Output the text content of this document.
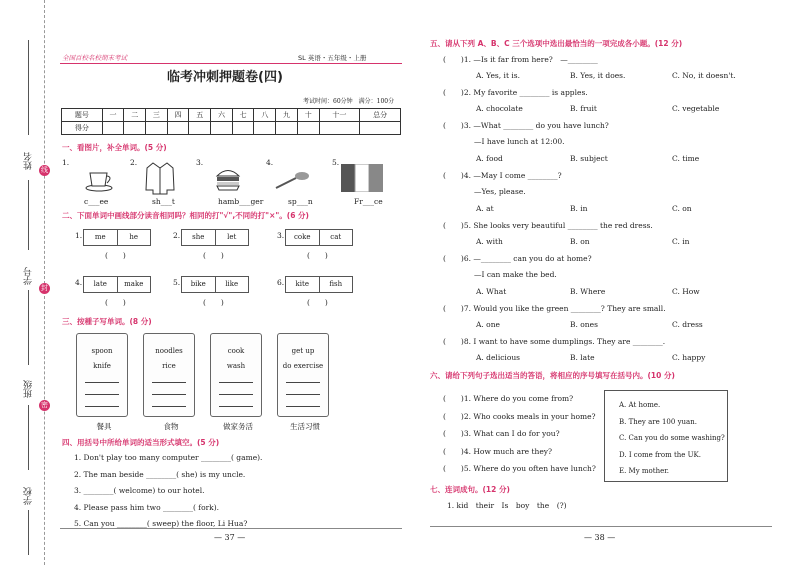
姓名
学号
班级
学校
线
封
密
全国百校名校期末考试	SL 英语・五年级・上册
临考冲刺押题卷(四)
考试时间：60分钟　满分：100分
题号	一	二	三	四	五	六	七	八	九	十	十一	总分
得分												
一、看图片，补全单词。(5 分)
1.
c___ee
2.
sh___t
3.
hamb___ger
4.
sp___n
5.
Fr___ce
二、下面单词中画线部分读音相同吗？相同的打"√",不同的打"×"。(6 分)
1.	me	he
(　　)
2.	she	let
(　　)
3.	coke	cat
(　　)
4.	late	make
(　　)
5.	bike	like
(　　)
6.	kite	fish
(　　)
三、按種子写单词。(8 分)
spoon
knife
餐具
noodles
rice
食物
cook
wash
做家务活
get up
do exercise
生活习惯
四、用括号中所给单词的适当形式填空。(5 分)
1. Don't play too many computer ________( game).
2. The man beside ________( she) is my uncle.
3. ________( welcome) to our hotel.
4. Please pass him two ________( fork).
5. Can you ________( sweep) the floor, Li Hua?
— 37 —
五、请从下列 A、B、C 三个选项中选出最恰当的一项完成各小题。(12 分)
(　　)1. —Is it far from here?　—________
A. Yes, it is.	B. Yes, it does.	C. No, it doesn't.
(　　)2. My favorite ________ is apples.
A. chocolate	B. fruit	C. vegetable
(　　)3. —What ________ do you have lunch?
—I have lunch at 12:00.
A. food	B. subject	C. time
(　　)4. —May I come ________?
—Yes, please.
A. at	B. in	C. on
(　　)5. She looks very beautiful ________ the red dress.
A. with	B. on	C. in
(　　)6. —________ can you do at home?
—I can make the bed.
A. What	B. Where	C. How
(　　)7. Would you like the green ________? They are small.
A. one	B. ones	C. dress
(　　)8. I want to have some dumplings. They are ________.
A. delicious	B. late	C. happy
六、请给下列句子选出适当的答语，将相应的序号填写在括号内。(10 分)
(　　)1. Where do you come from?
(　　)2. Who cooks meals in your home?
(　　)3. What can I do for you?
(　　)4. How much are they?
(　　)5. Where do you often have lunch?
A. At home.
B. They are 100 yuan.
C. Can you do some washing?
D. I come from the UK.
E. My mother.
七、连词成句。(12 分)
1. kid　their　Is　boy　the　(?)
— 38 —
